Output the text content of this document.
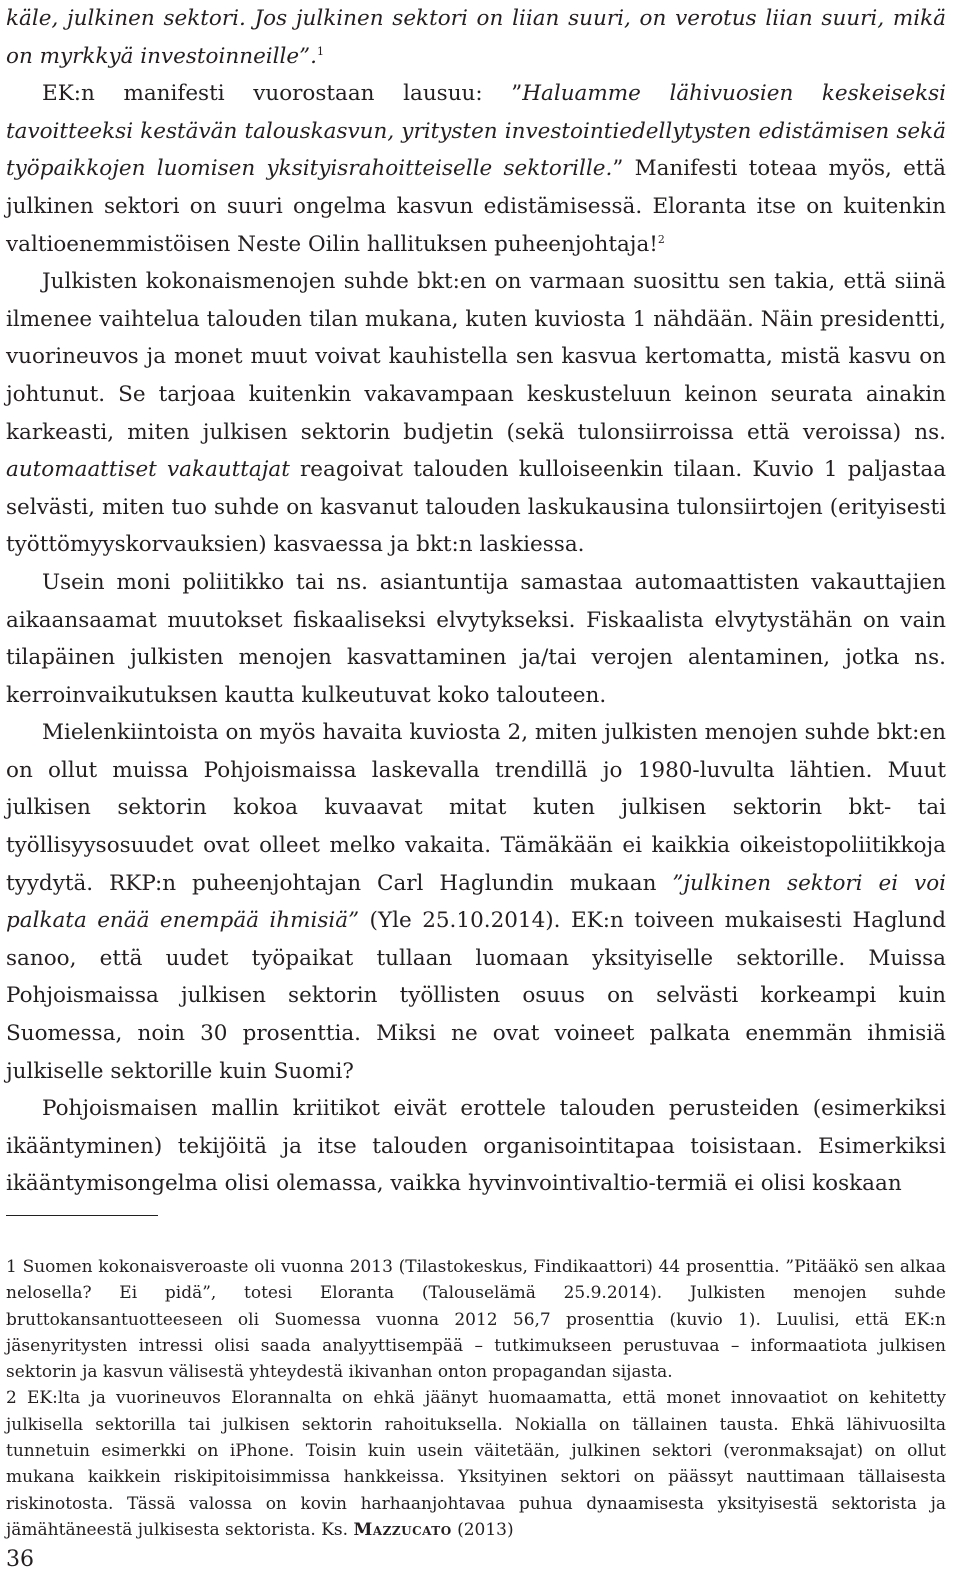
käle, julkinen sektori. Jos julkinen sektori on liian suuri, on verotus liian suuri, mikä on myrkkyä investoinneille”.$^1$

EK:n manifesti vuorostaan lausuu: ”Haluamme lähivuosien keskeiseksi tavoitteeksi kestävän talouskasvun, yritysten investointiedellytysten edistämisen sekä työpaikkojen luomisen yksityisrahoitteiselle sektorille.” Manifesti toteaa myös, että julkinen sektori on suuri ongelma kasvun edistämisessä. Eloranta itse on kuitenkin valtioenemmistöisen Neste Oilin hallituksen puheenjohtaja!$^2$

Julkisten kokonaismenojen suhde bkt:en on varmaan suosittu sen takia, että siinä ilmenee vaihtelua talouden tilan mukana, kuten kuviosta 1 nähdään. Näin presidentti, vuorineuvos ja monet muut voivat kauhistella sen kasvua kertomatta, mistä kasvu on johtunut. Se tarjoaa kuitenkin vakavampaan keskusteluun keinon seurata ainakin karkeasti, miten julkisen sektorin budjetin (sekä tulonsiirroissa että veroissa) ns. automaattiset vakauttajat reagoivat talouden kulloiseenkin tilaan. Kuvio 1 paljastaa selvästi, miten tuo suhde on kasvanut talouden laskukausina tulonsiirtojen (erityisesti työttömyyskorvauksien) kasvaessa ja bkt:n laskiessa.

Usein moni poliitikko tai ns. asiantuntija samastaa automaattisten vakauttajien aikaansaamat muutokset fiskaaliseksi elvytykseksi. Fiskaalista elvytystähän on vain tilapäinen julkisten menojen kasvattaminen ja/tai verojen alentaminen, jotka ns. kerroinvaikutuksen kautta kulkeutuvat koko talouteen.

Mielenkiintoista on myös havaita kuviosta 2, miten julkisten menojen suhde bkt:en on ollut muissa Pohjoismaissa laskevalla trendillä jo 1980-luvulta lähtien. Muut julkisen sektorin kokoa kuvaavat mitat kuten julkisen sektorin bkt- tai työllisyysosuudet ovat olleet melko vakaita. Tämäkään ei kaikkia oikeistopoliitikkoja tyydytä. RKP:n puheenjohtajan Carl Haglundin mukaan ”julkinen sektori ei voi palkata enää enempää ihmisiä” (Yle 25.10.2014). EK:n toiveen mukaisesti Haglund sanoo, että uudet työpaikat tullaan luomaan yksityiselle sektorille. Muissa Pohjoismaissa julkisen sektorin työllisten osuus on selvästi korkeampi kuin Suomessa, noin 30 prosenttia. Miksi ne ovat voineet palkata enemmän ihmisiä julkiselle sektorille kuin Suomi?

Pohjoismaisen mallin kriitikot eivät erottele talouden perusteiden (esimerkiksi ikääntyminen) tekijöitä ja itse talouden organisointitapaa toisistaan. Esimerkiksi ikääntymisongelma olisi olemassa, vaikka hyvinvointivaltio-termiä ei olisi koskaan

1 Suomen kokonaisveroaste oli vuonna 2013 (Tilastokeskus, Findikaattori) 44 prosenttia. ”Pitääkö sen alkaa nelosella? Ei pidä”, totesi Eloranta (Talouselämä 25.9.2014). Julkisten menojen suhde bruttokansantuotteeseen oli Suomessa vuonna 2012 56,7 prosenttia (kuvio 1). Luulisi, että EK:n jäsenyritysten intressi olisi saada analyyttisempää – tutkimukseen perustuvaa – informaatiota julkisen sektorin ja kasvun välisestä yhteydestä ikivanhan onton propagandan sijasta.

2 EK:lta ja vuorineuvos Elorannalta on ehkä jäänyt huomaamatta, että monet innovaatiot on kehitetty julkisella sektorilla tai julkisen sektorin rahoituksella. Nokialla on tällainen tausta. Ehkä lähivuosilta tunnetuin esimerkki on iPhone. Toisin kuin usein väitetään, julkinen sektori (veronmaksajat) on ollut mukana kaikkein riskipitoisimmissa hankkeissa. Yksityinen sektori on päässyt nauttimaan tällaisesta riskinotosta. Tässä valossa on kovin harhaanjohtavaa puhua dynaamisesta yksityisestä sektorista ja jämähtäneestä julkisesta sektorista. Ks. Mazzucato (2013)

36
